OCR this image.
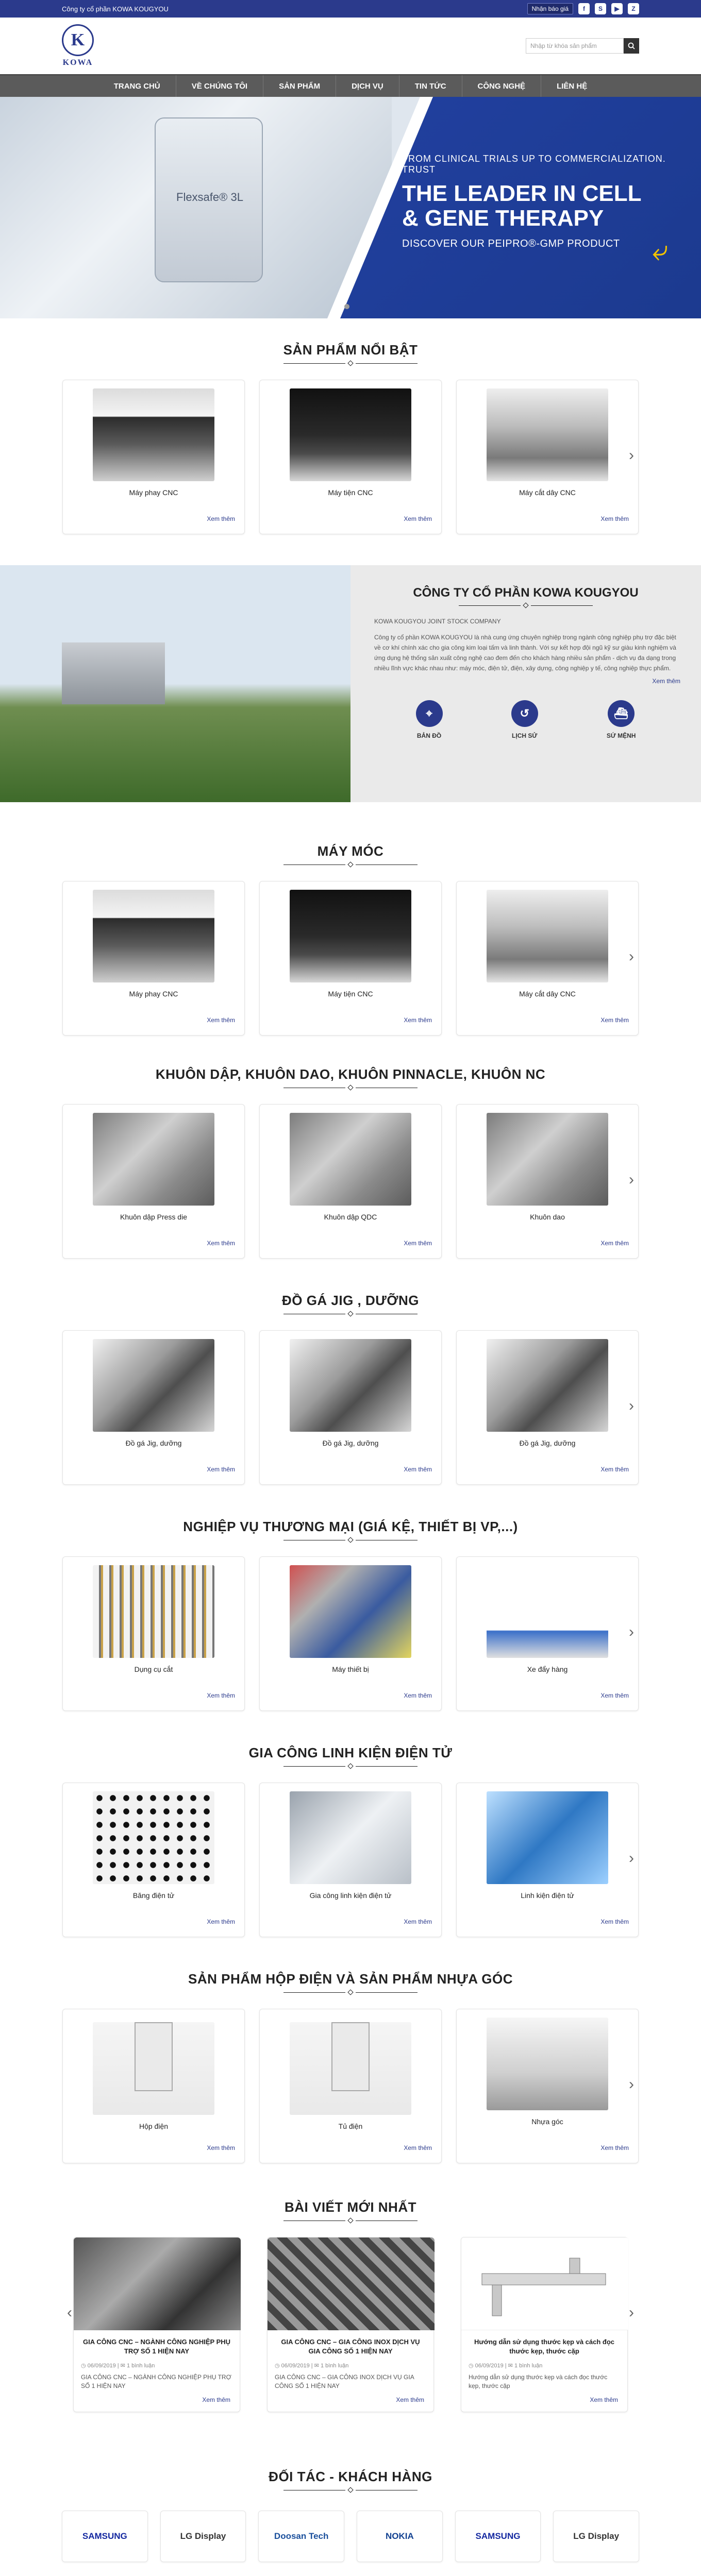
Công ty cổ phần KOWA KOUGYOU	Nhận báo giá	f	S	▶	Z
K
KOWA
Nhập từ khóa sản phẩm
TRANG CHỦ	VỀ CHÚNG TÔI	SẢN PHẨM	DỊCH VỤ	TIN TỨC	CÔNG NGHỆ	LIÊN HỆ
Flexsafe® 3L
FROM CLINICAL TRIALS UP TO COMMERCIALIZATION. TRUST
THE LEADER IN CELL
& GENE THERAPY
DISCOVER OUR PEIPRO®-GMP PRODUCT	⤶
SẢN PHẨM NỔI BẬT
Máy phay CNC
Xem thêm
Máy tiện CNC
Xem thêm
Máy cắt dây CNC
Xem thêm
›
CÔNG TY CỔ PHẦN KOWA KOUGYOU
KOWA KOUGYOU JOINT STOCK COMPANY
Công ty cổ phần KOWA KOUGYOU là nhà cung ứng chuyên nghiệp trong ngành công nghiệp phụ trợ đặc biệt về cơ khí chính xác cho gia công kim loại tấm và linh thành. Với sự kết hợp đội ngũ kỹ sư giàu kinh nghiệm và ứng dụng hệ thống sản xuất công nghệ cao đem đến cho khách hàng nhiều sản phẩm - dịch vụ đa dạng trong nhiều lĩnh vực khác nhau như: máy móc, điện tử, điện, xây dựng, công nghiệp y tế, công nghiệp thực phẩm.
Xem thêm
⌖
BẢN ĐỒ
↺
LỊCH SỬ
⛴
SỨ MỆNH
MÁY MÓC
Máy phay CNC
Xem thêm
Máy tiện CNC
Xem thêm
Máy cắt dây CNC
Xem thêm
›
KHUÔN DẬP, KHUÔN DAO, KHUÔN PINNACLE, KHUÔN NC
Khuôn dập Press die
Xem thêm
Khuôn dập QDC
Xem thêm
Khuôn dao
Xem thêm
›
ĐỒ GÁ JIG , DƯỠNG
Đồ gá Jig, dưỡng
Xem thêm
Đồ gá Jig, dưỡng
Xem thêm
Đồ gá Jig, dưỡng
Xem thêm
›
NGHIỆP VỤ THƯƠNG MẠI (GIÁ KỆ, THIẾT BỊ VP,...)
Dụng cụ cắt
Xem thêm
Máy thiết bị
Xem thêm
Xe đẩy hàng
Xem thêm
›
GIA CÔNG LINH KIỆN ĐIỆN TỬ
Băng điện tử
Xem thêm
Gia công linh kiện điện tử
Xem thêm
Linh kiện điện tử
Xem thêm
›
SẢN PHẨM HỘP ĐIỆN VÀ SẢN PHẨM NHỰA GÓC
Hộp điện
Xem thêm
Tủ điện
Xem thêm
Nhựa góc
Xem thêm
›
BÀI VIẾT MỚI NHẤT
‹
GIA CÔNG CNC – NGÀNH CÔNG NGHIỆP PHỤ TRỢ SỐ 1 HIỆN NAY
◷ 06/09/2019 | ✉ 1 bình luận
GIA CÔNG CNC – NGÀNH CÔNG NGHIỆP PHỤ TRỢ SỐ 1 HIỆN NAY
Xem thêm
GIA CÔNG CNC – GIA CÔNG INOX DỊCH VỤ GIA CÔNG SỐ 1 HIỆN NAY
◷ 06/09/2019 | ✉ 1 bình luận
GIA CÔNG CNC – GIA CÔNG INOX DỊCH VỤ GIA CÔNG SỐ 1 HIỆN NAY
Xem thêm
Hướng dẫn sử dụng thước kẹp và cách đọc thước kẹp, thước cặp
◷ 06/09/2019 | ✉ 1 bình luận
Hướng dẫn sử dụng thước kẹp và cách đọc thước kẹp, thước cặp
Xem thêm
›
ĐỐI TÁC - KHÁCH HÀNG
SAMSUNG	LG Display	Doosan Tech	NOKIA	SAMSUNG	LG Display
